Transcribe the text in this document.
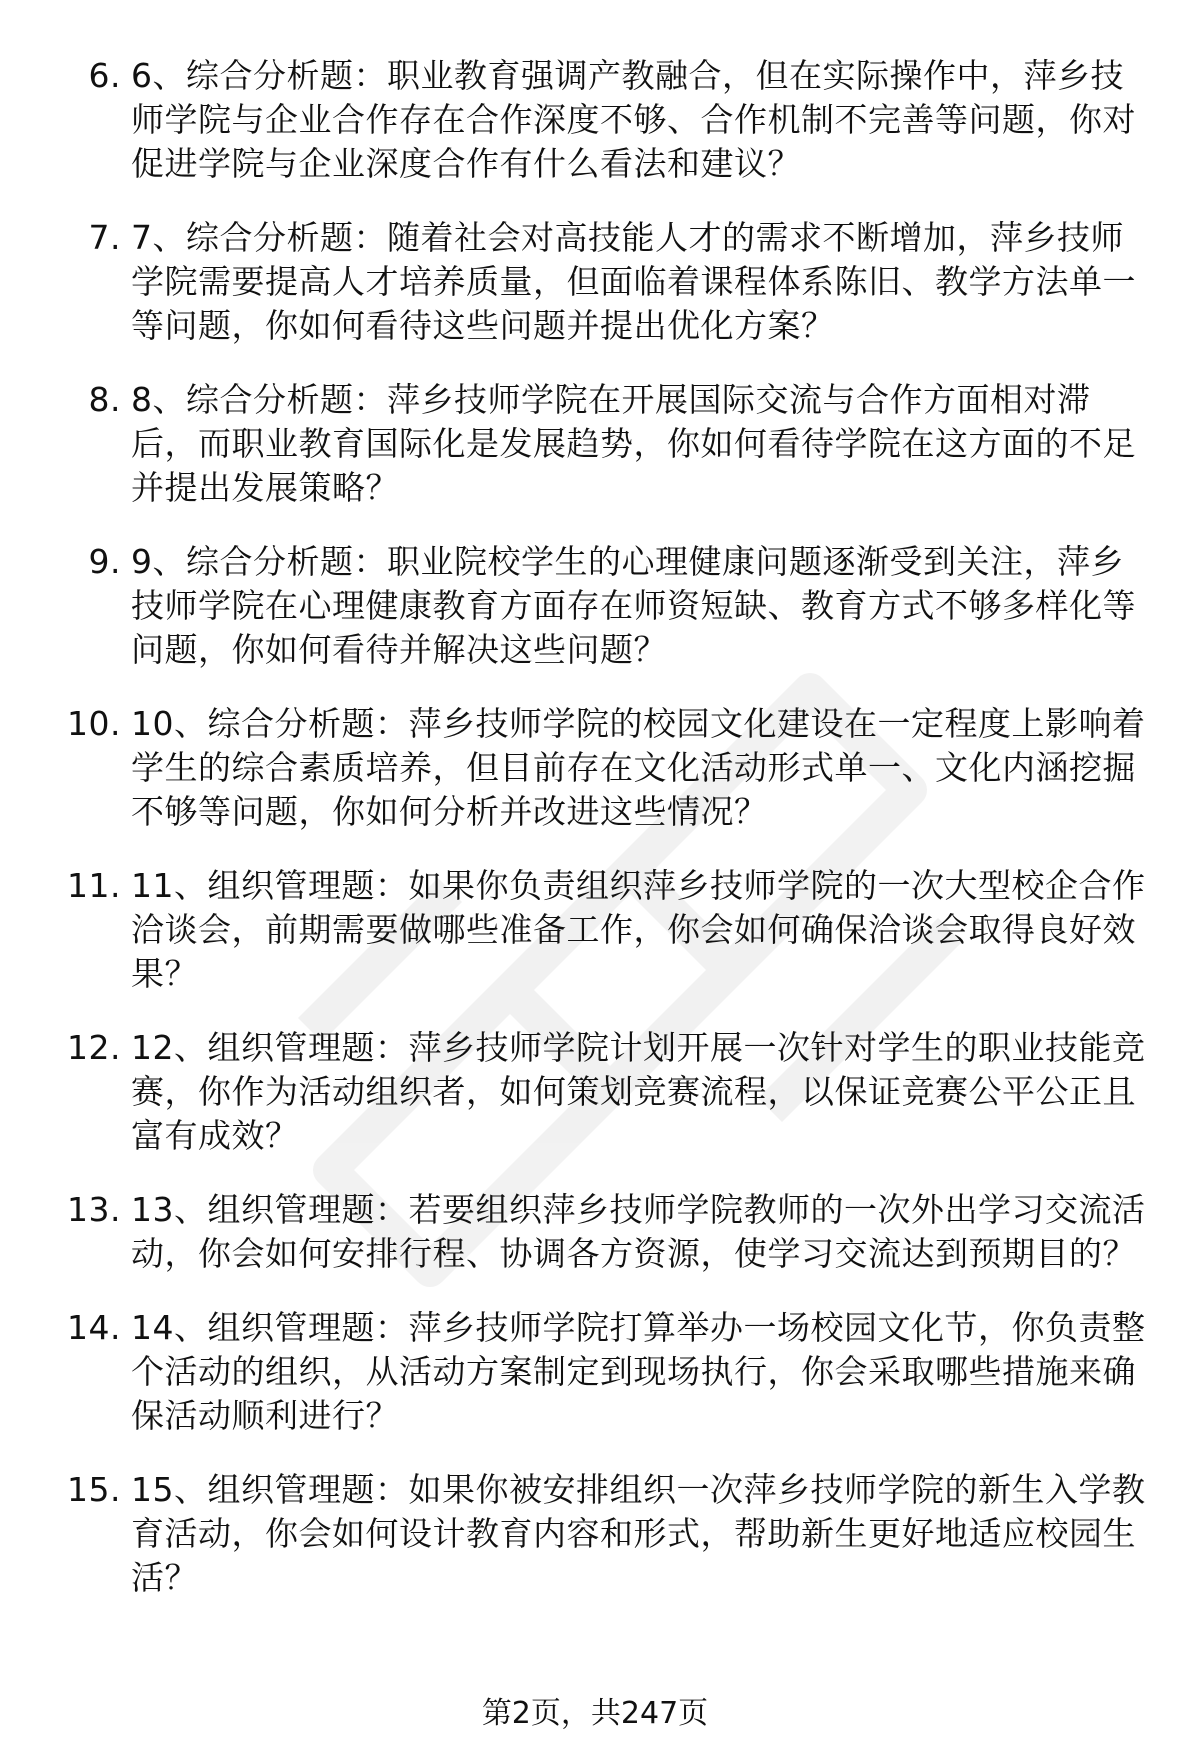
6. 6、综合分析题：职业教育强调产教融合，但在实际操作中，萍乡技师学院与企业合作存在合作深度不够、合作机制不完善等问题，你对促进学院与企业深度合作有什么看法和建议？
7. 7、综合分析题：随着社会对高技能人才的需求不断增加，萍乡技师学院需要提高人才培养质量，但面临着课程体系陈旧、教学方法单一等问题，你如何看待这些问题并提出优化方案？
8. 8、综合分析题：萍乡技师学院在开展国际交流与合作方面相对滞后，而职业教育国际化是发展趋势，你如何看待学院在这方面的不足并提出发展策略？
9. 9、综合分析题：职业院校学生的心理健康问题逐渐受到关注，萍乡技师学院在心理健康教育方面存在师资短缺、教育方式不够多样化等问题，你如何看待并解决这些问题？
10. 10、综合分析题：萍乡技师学院的校园文化建设在一定程度上影响着学生的综合素质培养，但目前存在文化活动形式单一、文化内涵挖掘不够等问题，你如何分析并改进这些情况？
11. 11、组织管理题：如果你负责组织萍乡技师学院的一次大型校企合作洽谈会，前期需要做哪些准备工作，你会如何确保洽谈会取得良好效果？
12. 12、组织管理题：萍乡技师学院计划开展一次针对学生的职业技能竞赛，你作为活动组织者，如何策划竞赛流程，以保证竞赛公平公正且富有成效？
13. 13、组织管理题：若要组织萍乡技师学院教师的一次外出学习交流活动，你会如何安排行程、协调各方资源，使学习交流达到预期目的？
14. 14、组织管理题：萍乡技师学院打算举办一场校园文化节，你负责整个活动的组织，从活动方案制定到现场执行，你会采取哪些措施来确保活动顺利进行？
15. 15、组织管理题：如果你被安排组织一次萍乡技师学院的新生入学教育活动，你会如何设计教育内容和形式，帮助新生更好地适应校园生活？
第2页，共247页
